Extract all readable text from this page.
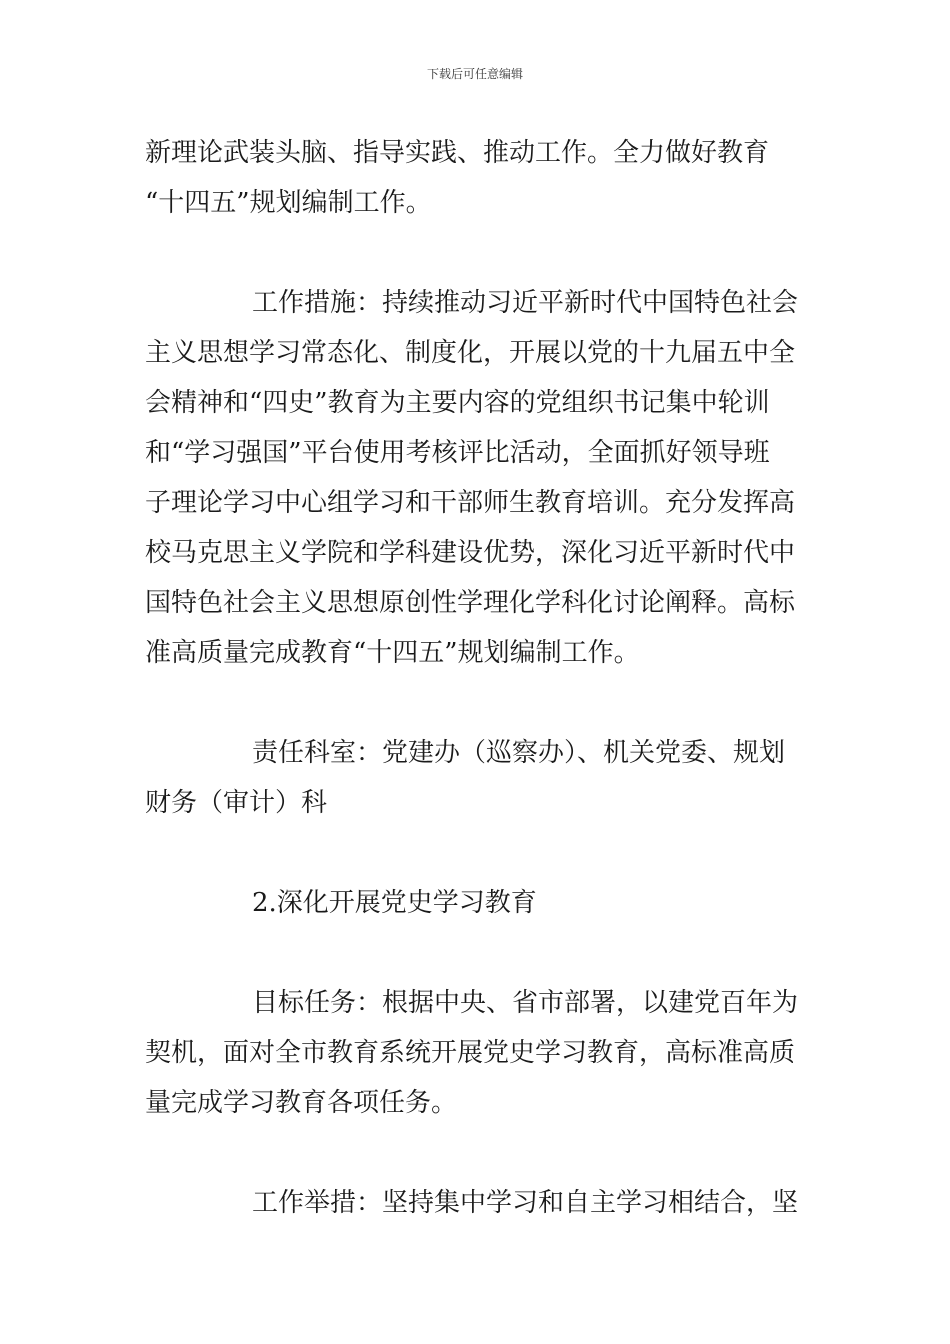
下载后可任意编辑
新理论武装头脑、指导实践、推动工作。全力做好教育
“十四五”规划编制工作。
工作措施：持续推动习近平新时代中国特色社会
主义思想学习常态化、制度化，开展以党的十九届五中全
会精神和“四史”教育为主要内容的党组织书记集中轮训
和“学习强国”平台使用考核评比活动，全面抓好领导班
子理论学习中心组学习和干部师生教育培训。充分发挥高
校马克思主义学院和学科建设优势，深化习近平新时代中
国特色社会主义思想原创性学理化学科化讨论阐释。高标
准高质量完成教育“十四五”规划编制工作。
责任科室：党建办（巡察办）、机关党委、规划
财务（审计）科
2.深化开展党史学习教育
目标任务：根据中央、省市部署，以建党百年为
契机，面对全市教育系统开展党史学习教育，高标准高质
量完成学习教育各项任务。
工作举措：坚持集中学习和自主学习相结合，坚
